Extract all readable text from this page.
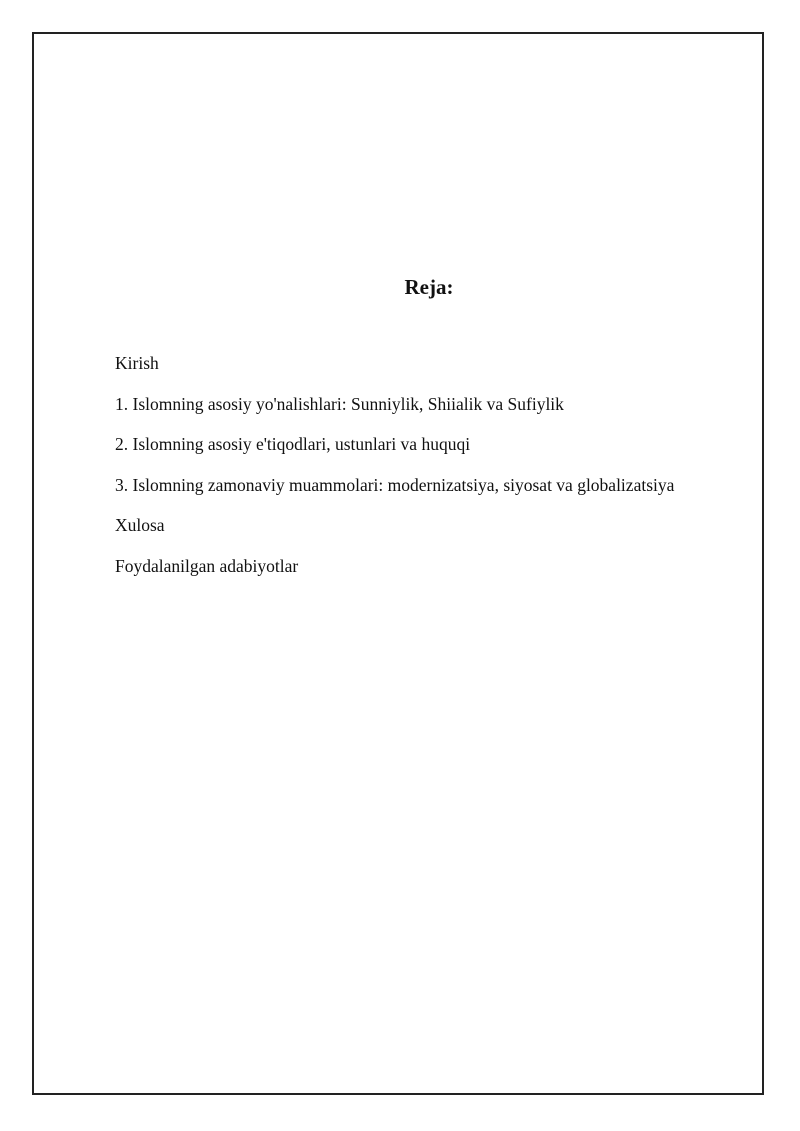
Reja:
Kirish
1. Islomning asosiy yo'nalishlari: Sunniylik, Shiialik va Sufiylik
2. Islomning asosiy e'tiqodlari, ustunlari va huquqi
3. Islomning zamonaviy muammolari: modernizatsiya, siyosat va globalizatsiya
Xulosa
Foydalanilgan adabiyotlar
